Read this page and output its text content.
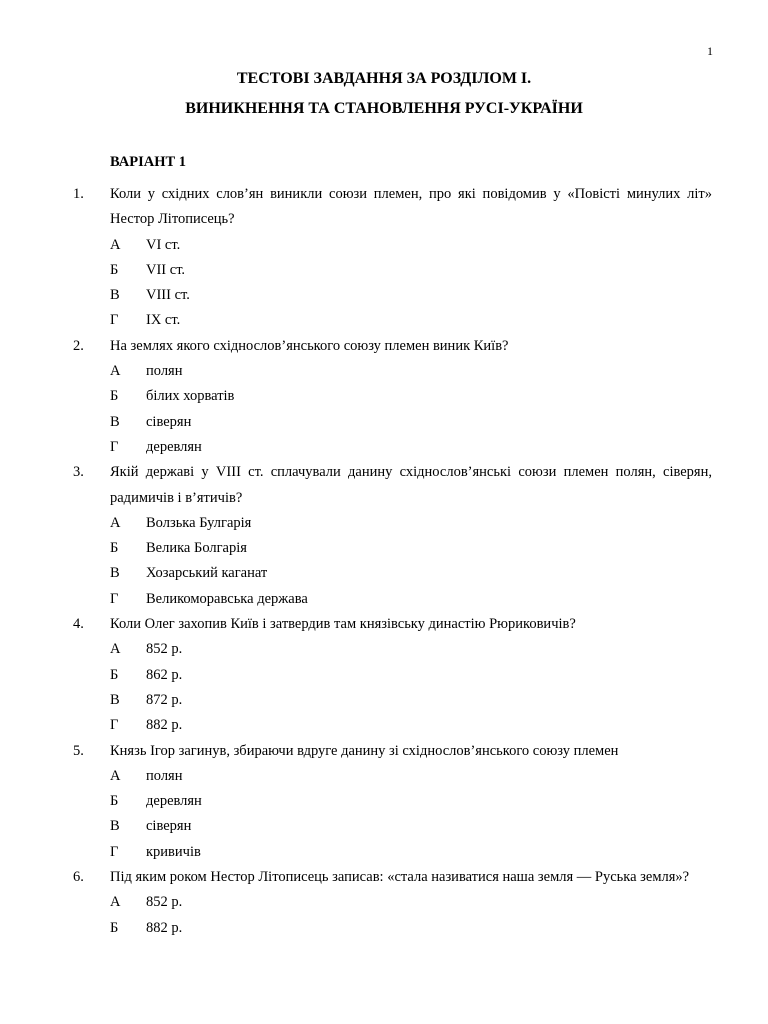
1
ТЕСТОВІ ЗАВДАННЯ ЗА РОЗДІЛОМ І.
ВИНИКНЕННЯ ТА СТАНОВЛЕННЯ РУСІ-УКРАЇНИ
ВАРІАНТ 1
1. Коли у східних слов’ян виникли союзи племен, про які повідомив у «Повісті минулих літ» Нестор Літописець?
А VI ст.
Б VII ст.
В VIII ст.
Г IX ст.
2. На землях якого східнослов’янського союзу племен виник Київ?
А полян
Б білих хорватів
В сіверян
Г деревлян
3. Якій державі у VIII ст. сплачували данину східнослов’янські союзи племен полян, сіверян, радимичів і в’ятичів?
А Волзька Булгарія
Б Велика Болгарія
В Хозарський каганат
Г Великоморавська держава
4. Коли Олег захопив Київ і затвердив там князівську династію Рюриковичів?
А 852 р.
Б 862 р.
В 872 р.
Г 882 р.
5. Князь Ігор загинув, збираючи вдруге данину зі східнослов’янського союзу племен
А полян
Б деревлян
В сіверян
Г кривичів
6. Під яким роком Нестор Літописець записав: «стала називатися наша земля — Руська земля»?
А 852 р.
Б 882 р.
